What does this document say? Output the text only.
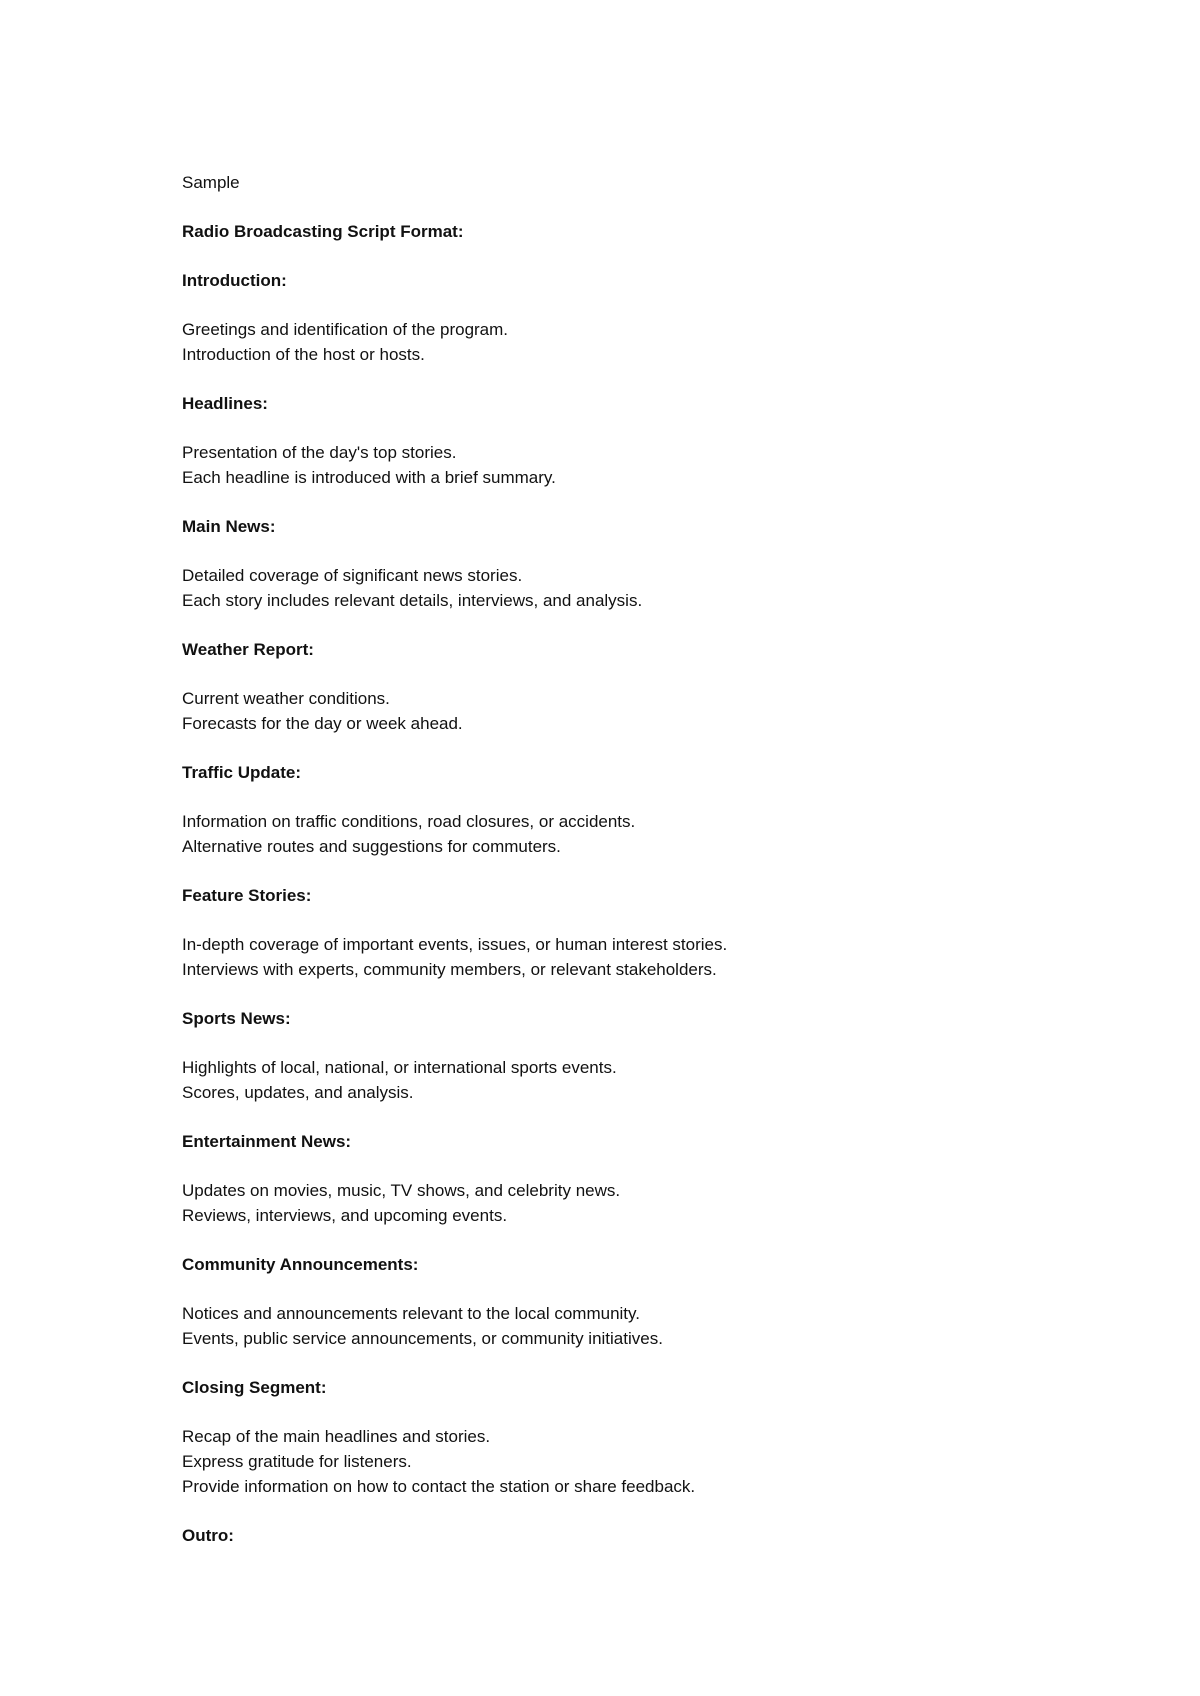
Sample
Radio Broadcasting Script Format:
Introduction:
Greetings and identification of the program.
Introduction of the host or hosts.
Headlines:
Presentation of the day's top stories.
Each headline is introduced with a brief summary.
Main News:
Detailed coverage of significant news stories.
Each story includes relevant details, interviews, and analysis.
Weather Report:
Current weather conditions.
Forecasts for the day or week ahead.
Traffic Update:
Information on traffic conditions, road closures, or accidents.
Alternative routes and suggestions for commuters.
Feature Stories:
In-depth coverage of important events, issues, or human interest stories.
Interviews with experts, community members, or relevant stakeholders.
Sports News:
Highlights of local, national, or international sports events.
Scores, updates, and analysis.
Entertainment News:
Updates on movies, music, TV shows, and celebrity news.
Reviews, interviews, and upcoming events.
Community Announcements:
Notices and announcements relevant to the local community.
Events, public service announcements, or community initiatives.
Closing Segment:
Recap of the main headlines and stories.
Express gratitude for listeners.
Provide information on how to contact the station or share feedback.
Outro:
